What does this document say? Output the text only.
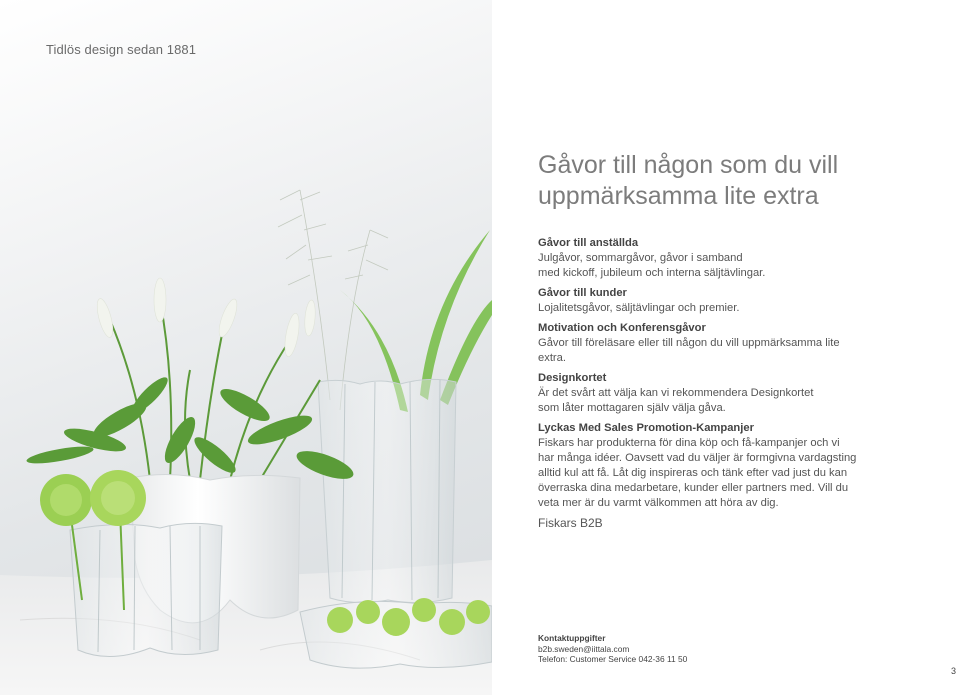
Tidlös design sedan 1881
Gåvor till någon som du vill
uppmärksamma lite extra
Gåvor till anställda

Julgåvor, sommargåvor, gåvor i samband
med kickoff, jubileum och interna säljtävlingar.

Gåvor till kunder

Lojalitetsgåvor, säljtävlingar och premier.

Motivation och Konferensgåvor

Gåvor till föreläsare eller till någon du vill uppmärksamma lite extra.

Designkortet

Är det svårt att välja kan vi rekommendera Designkortet
som låter mottagaren själv välja gåva.

Lyckas Med Sales Promotion-Kampanjer

Fiskars har produkterna för dina köp och få-kampanjer och vi
har många idéer. Oavsett vad du väljer är formgivna vardagsting
alltid kul att få. Låt dig inspireras och tänk efter vad just du kan
överraska dina medarbetare, kunder eller partners med. Vill du
veta mer är du varmt välkommen att höra av dig.

Fiskars B2B
Kontaktuppgifter
b2b.sweden@iittala.com
Telefon: Customer Service 042-36 11 50
3
